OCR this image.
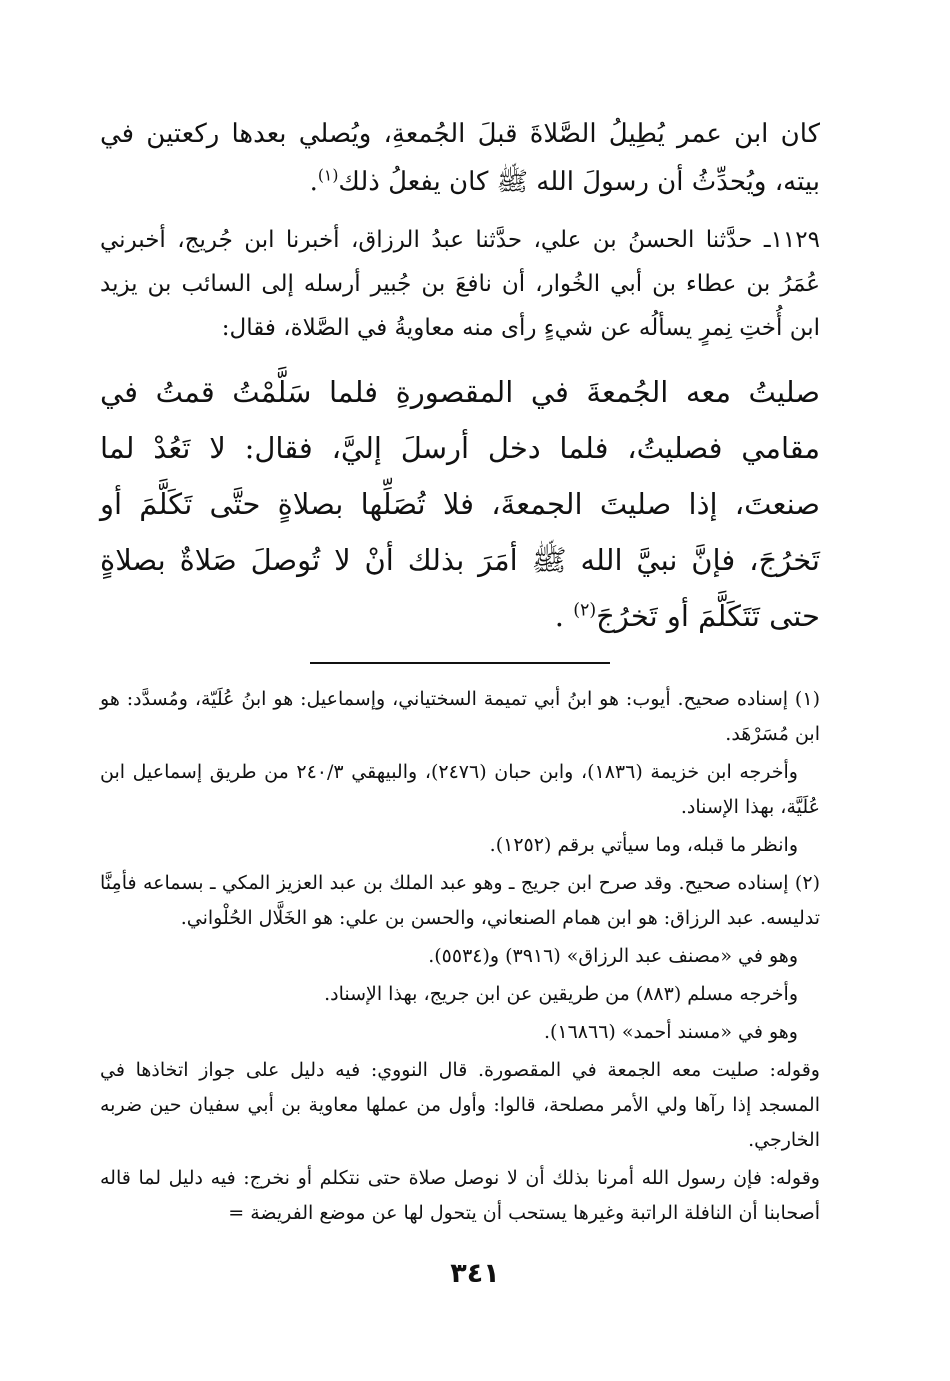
كان ابن عمر يُطِيلُ الصَّلاةَ قبلَ الجُمعةِ، ويُصلي بعدها ركعتين في بيته، ويُحدِّثُ أن رسولَ الله ﷺ كان يفعلُ ذلك$^{(١)}$.

١١٢٩ـ حدَّثنا الحسنُ بن علي، حدَّثنا عبدُ الرزاق، أخبرنا ابن جُريج، أخبرني عُمَرُ بن عطاء بن أبي الخُوار، أن نافعَ بن جُبير أرسله إلى السائب بن يزيد ابن أُختِ نِمرٍ يسألُه عن شيءٍ رأى منه معاويةُ في الصَّلاة، فقال:

صليتُ معه الجُمعةَ في المقصورةِ فلما سَلَّمْتُ قمتُ في مقامي فصليتُ، فلما دخل أرسلَ إليَّ، فقال: لا تَعُدْ لما صنعتَ، إذا صليتَ الجمعةَ، فلا تُصَلِّها بصلاةٍ حتَّى تَكَلَّمَ أو تَخرُجَ، فإنَّ نبيَّ الله ﷺ أمَرَ بذلك أنْ لا تُوصلَ صَلاةٌ بصلاةٍ حتى تَتَكَلَّمَ أو تَخرُجَ$^{(٢)}$ .

(١) إسناده صحيح. أيوب: هو ابنُ أبي تميمة السختياني، وإسماعيل: هو ابنُ عُلَيّة، ومُسدَّد: هو ابن مُسَرْهَد.

وأخرجه ابن خزيمة (١٨٣٦)، وابن حبان (٢٤٧٦)، والبيهقي ٢٤٠/٣ من طريق إسماعيل ابن عُلَيَّة، بهذا الإسناد.

وانظر ما قبله، وما سيأتي برقم (١٢٥٢).

(٢) إسناده صحيح. وقد صرح ابن جريج ـ وهو عبد الملك بن عبد العزيز المكي ـ بسماعه فأمِنَّا تدليسه. عبد الرزاق: هو ابن همام الصنعاني، والحسن بن علي: هو الخَلَّال الحُلْواني.

وهو في «مصنف عبد الرزاق» (٣٩١٦) و(٥٥٣٤).

وأخرجه مسلم (٨٨٣) من طريقين عن ابن جريج، بهذا الإسناد.

وهو في «مسند أحمد» (١٦٨٦٦).

وقوله: صليت معه الجمعة في المقصورة. قال النووي: فيه دليل على جواز اتخاذها في المسجد إذا رآها ولي الأمر مصلحة، قالوا: وأول من عملها معاوية بن أبي سفيان حين ضربه الخارجي.

وقوله: فإن رسول الله أمرنا بذلك أن لا نوصل صلاة حتى نتكلم أو نخرج: فيه دليل لما قاله أصحابنا أن النافلة الراتبة وغيرها يستحب أن يتحول لها عن موضع الفريضة =

٣٤١
